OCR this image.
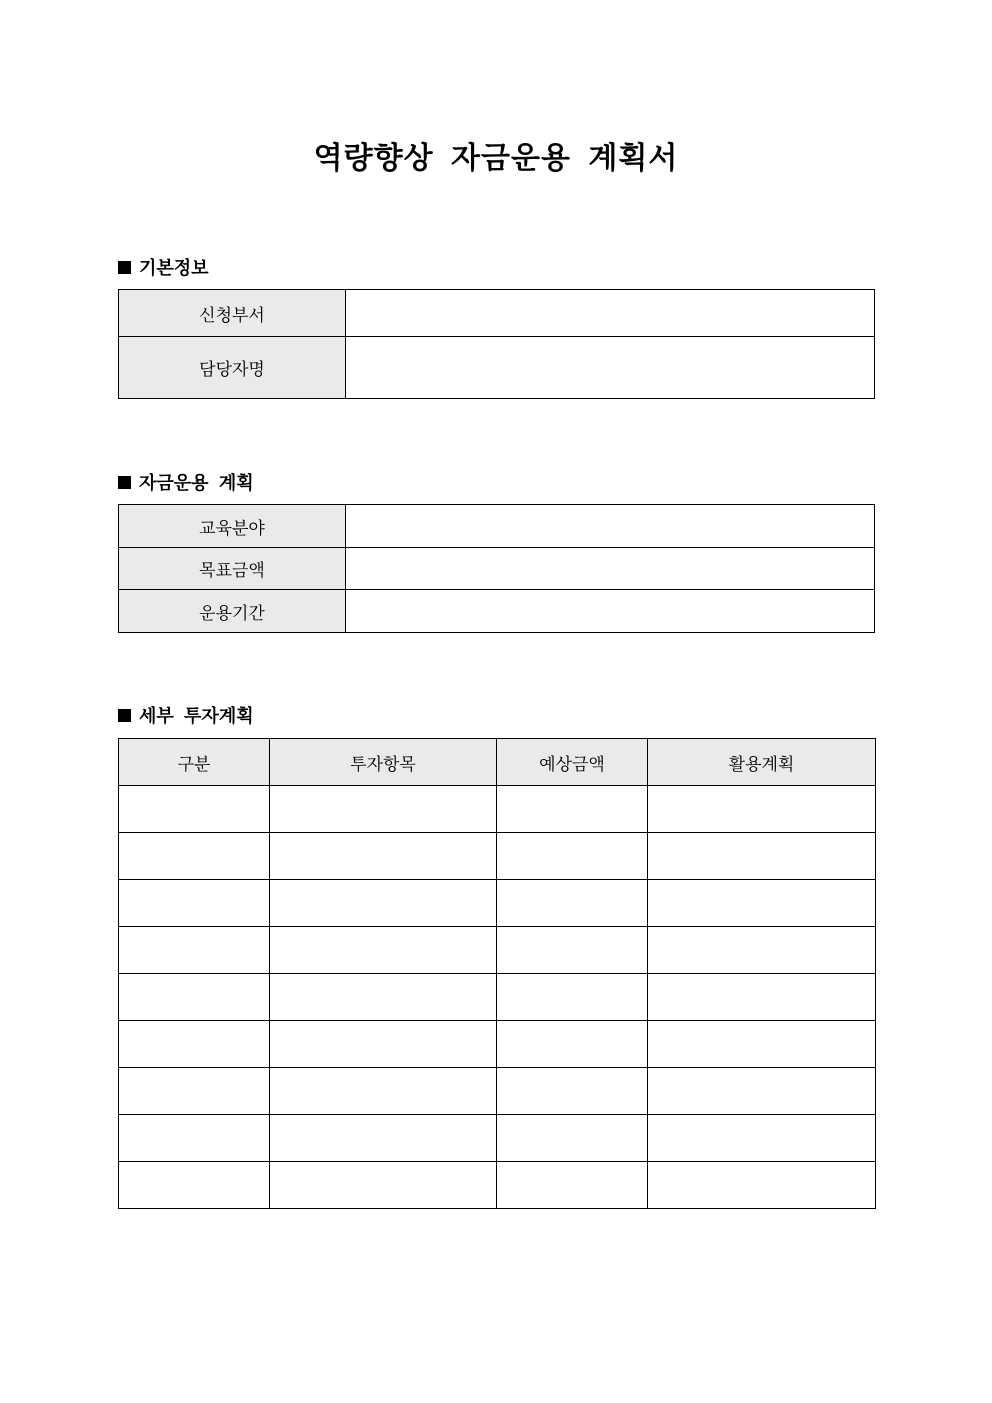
역량향상 자금운용 계획서
기본정보
신청부서	
담당자명	
자금운용 계획
교육분야	
목표금액	
운용기간	
세부 투자계획
구분	투자항목	예상금액	활용계획
